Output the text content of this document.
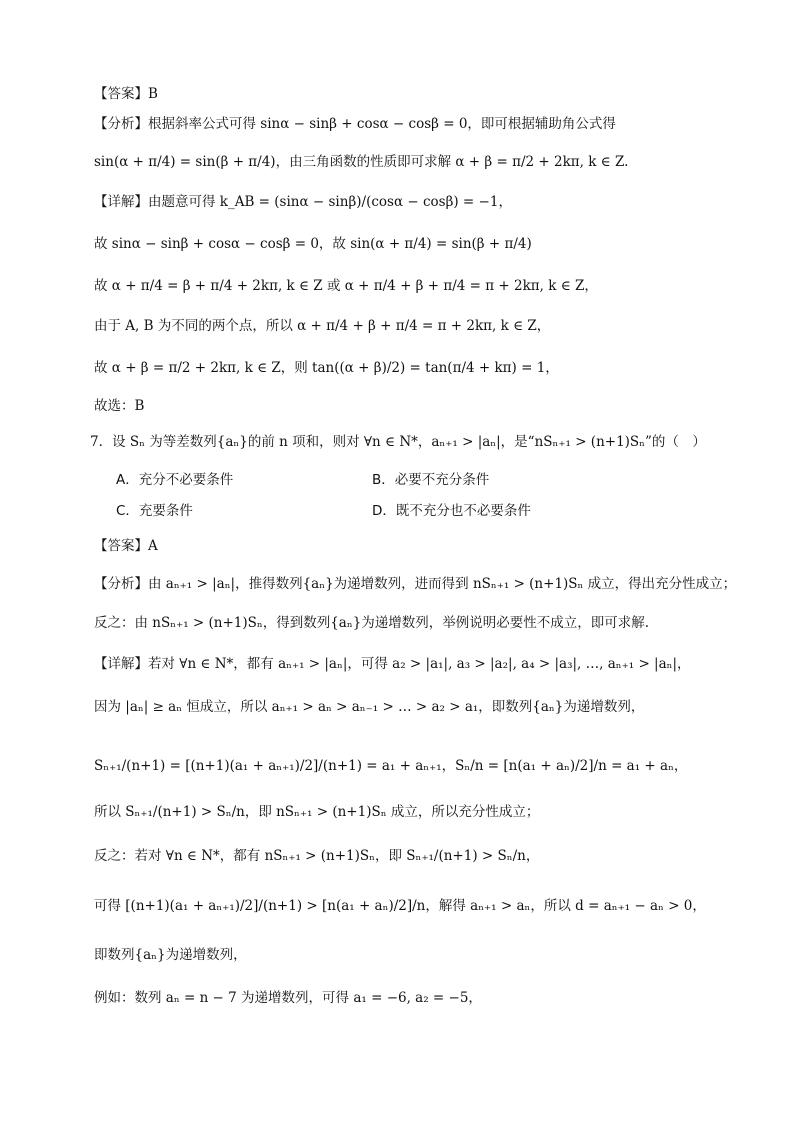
【答案】B
【分析】根据斜率公式可得 sinα − sinβ + cosα − cosβ = 0，即可根据辅助角公式得
sin(α + π/4) = sin(β + π/4)，由三角函数的性质即可求解 α + β = π/2 + 2kπ, k ∈ Z.
【详解】由题意可得 k_AB = (sinα − sinβ)/(cosα − cosβ) = −1，
故 sinα − sinβ + cosα − cosβ = 0，故 sin(α + π/4) = sin(β + π/4)
故 α + π/4 = β + π/4 + 2kπ, k ∈ Z 或 α + π/4 + β + π/4 = π + 2kπ, k ∈ Z，
由于 A, B 为不同的两个点，所以 α + π/4 + β + π/4 = π + 2kπ, k ∈ Z，
故 α + β = π/2 + 2kπ, k ∈ Z，则 tan((α + β)/2) = tan(π/4 + kπ) = 1，
故选：B
7．设 Sₙ 为等差数列{aₙ}的前 n 项和，则对 ∀n ∈ N*，aₙ₊₁ > |aₙ|，是“nSₙ₊₁ > (n+1)Sₙ”的（　）
A．充分不必要条件	B．必要不充分条件
C．充要条件	D．既不充分也不必要条件
【答案】A
【分析】由 aₙ₊₁ > |aₙ|，推得数列{aₙ}为递增数列，进而得到 nSₙ₊₁ > (n+1)Sₙ 成立，得出充分性成立；
反之：由 nSₙ₊₁ > (n+1)Sₙ，得到数列{aₙ}为递增数列，举例说明必要性不成立，即可求解.
【详解】若对 ∀n ∈ N*，都有 aₙ₊₁ > |aₙ|，可得 a₂ > |a₁|, a₃ > |a₂|, a₄ > |a₃|, …, aₙ₊₁ > |aₙ|，
因为 |aₙ| ≥ aₙ 恒成立，所以 aₙ₊₁ > aₙ > aₙ₋₁ > … > a₂ > a₁，即数列{aₙ}为递增数列，
Sₙ₊₁/(n+1) = [(n+1)(a₁ + aₙ₊₁)/2]/(n+1) = a₁ + aₙ₊₁，Sₙ/n = [n(a₁ + aₙ)/2]/n = a₁ + aₙ，
所以 Sₙ₊₁/(n+1) > Sₙ/n，即 nSₙ₊₁ > (n+1)Sₙ 成立，所以充分性成立；
反之：若对 ∀n ∈ N*，都有 nSₙ₊₁ > (n+1)Sₙ，即 Sₙ₊₁/(n+1) > Sₙ/n，
可得 [(n+1)(a₁ + aₙ₊₁)/2]/(n+1) > [n(a₁ + aₙ)/2]/n，解得 aₙ₊₁ > aₙ，所以 d = aₙ₊₁ − aₙ > 0，
即数列{aₙ}为递增数列，
例如：数列 aₙ = n − 7 为递增数列，可得 a₁ = −6, a₂ = −5，
